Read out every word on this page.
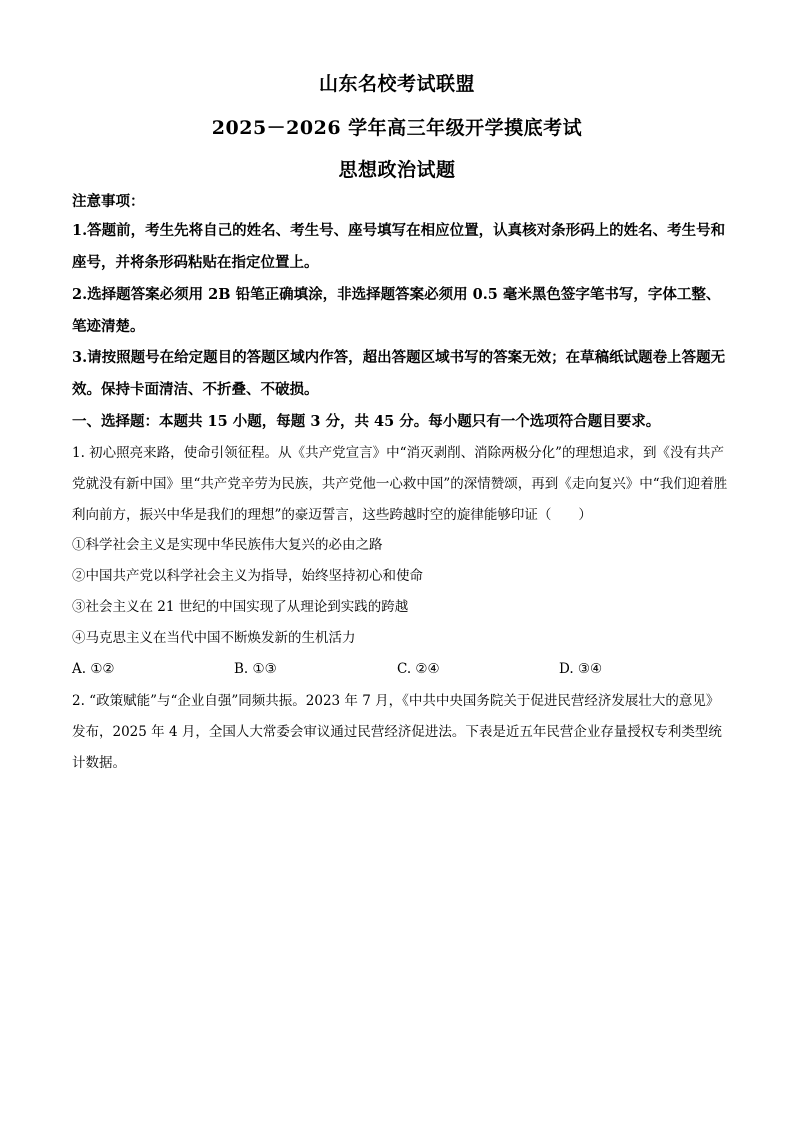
山东名校考试联盟
2025－2026 学年高三年级开学摸底考试
思想政治试题
注意事项：
1.答题前，考生先将自己的姓名、考生号、座号填写在相应位置，认真核对条形码上的姓名、考生号和座号，并将条形码粘贴在指定位置上。
2.选择题答案必须用 2B 铅笔正确填涂，非选择题答案必须用 0.5 毫米黑色签字笔书写，字体工整、笔迹清楚。
3.请按照题号在给定题目的答题区域内作答，超出答题区域书写的答案无效；在草稿纸试题卷上答题无效。保持卡面清洁、不折叠、不破损。
一、选择题：本题共 15 小题，每题 3 分，共 45 分。每小题只有一个选项符合题目要求。
1. 初心照亮来路，使命引领征程。从《共产党宣言》中“消灭剥削、消除两极分化”的理想追求，到《没有共产党就没有新中国》里“共产党辛劳为民族，共产党他一心救中国”的深情赞颂，再到《走向复兴》中“我们迎着胜利向前方，振兴中华是我们的理想”的豪迈誓言，这些跨越时空的旋律能够印证（　　）
①科学社会主义是实现中华民族伟大复兴的必由之路
②中国共产党以科学社会主义为指导，始终坚持初心和使命
③社会主义在 21 世纪的中国实现了从理论到实践的跨越
④马克思主义在当代中国不断焕发新的生机活力
A. ①②	B. ①③	C. ②④	D. ③④
2. “政策赋能”与“企业自强”同频共振。2023 年 7 月，《中共中央国务院关于促进民营经济发展壮大的意见》发布，2025 年 4 月，全国人大常委会审议通过民营经济促进法。下表是近五年民营企业存量授权专利类型统计数据。
